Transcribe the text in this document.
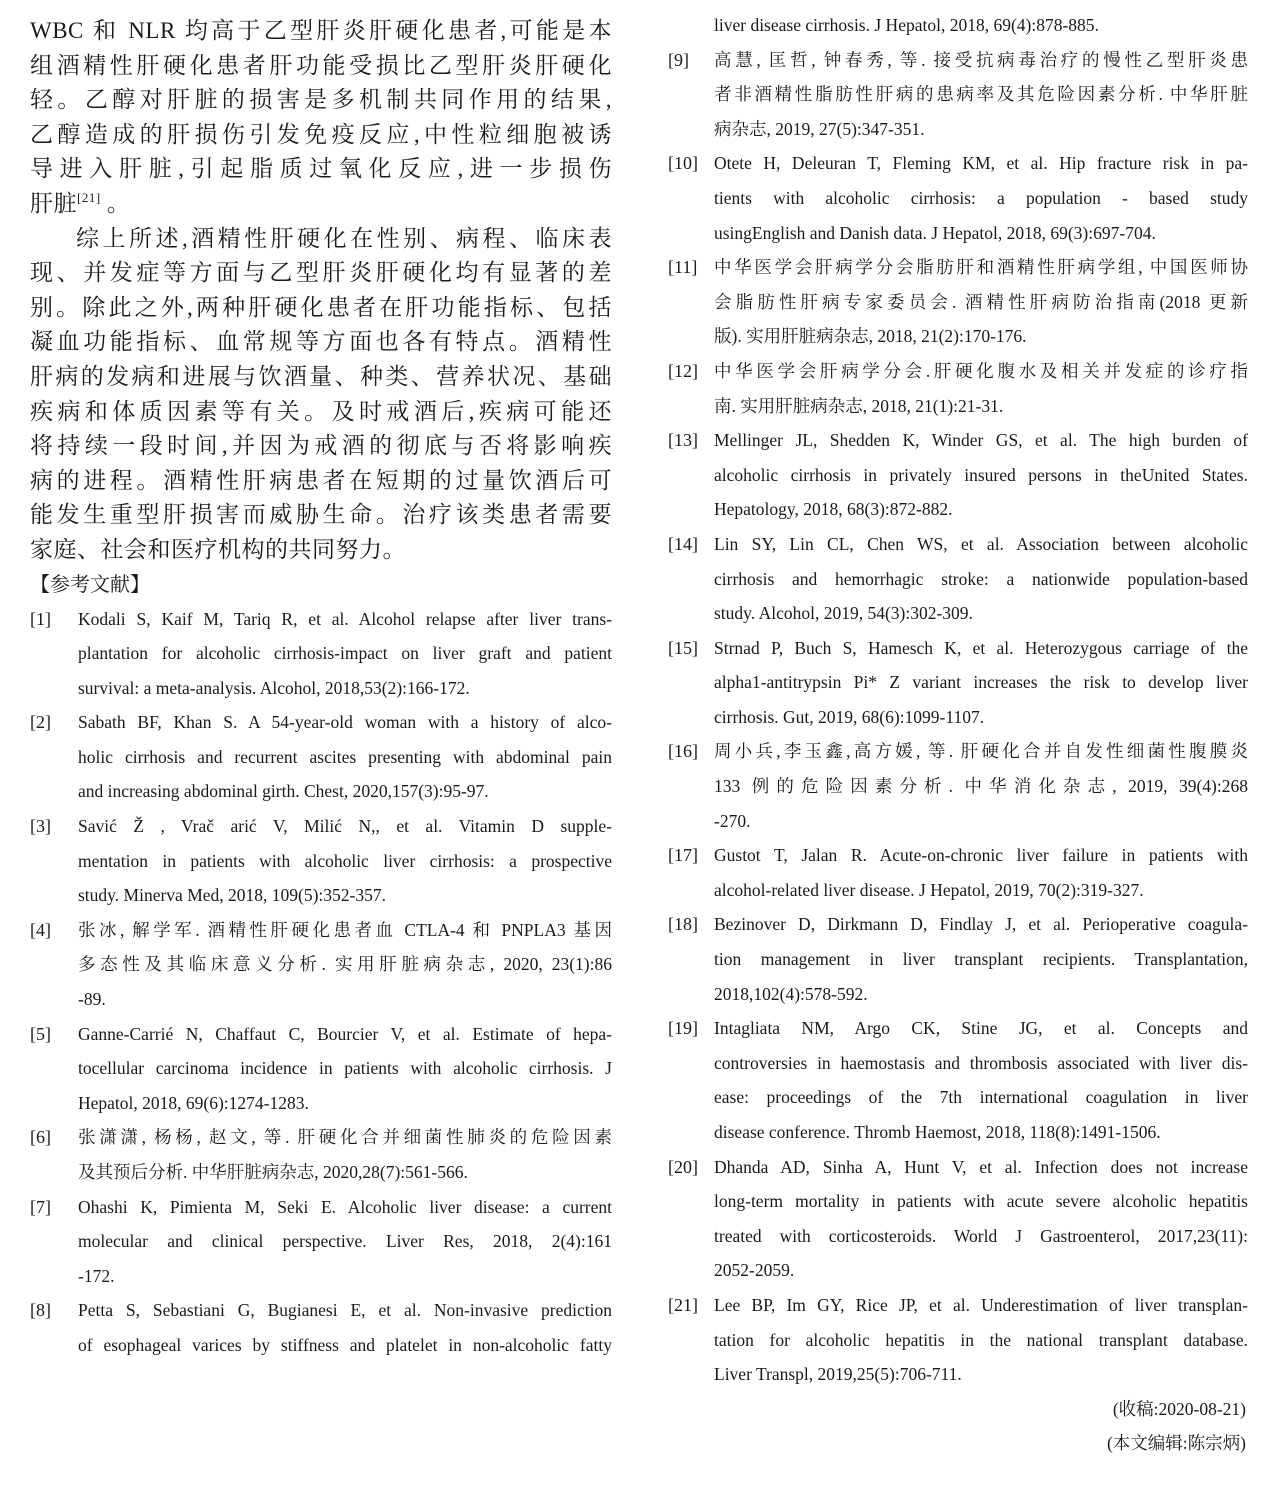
WBC 和 NLR 均高于乙型肝炎肝硬化患者,可能是本
组酒精性肝硬化患者肝功能受损比乙型肝炎肝硬化
轻。乙醇对肝脏的损害是多机制共同作用的结果,
乙醇造成的肝损伤引发免疫反应,中性粒细胞被诱
导进入肝脏,引起脂质过氧化反应,进一步损伤
肝脏[21] 。
综上所述,酒精性肝硬化在性别、病程、临床表
现、并发症等方面与乙型肝炎肝硬化均有显著的差
别。除此之外,两种肝硬化患者在肝功能指标、包括
凝血功能指标、血常规等方面也各有特点。酒精性
肝病的发病和进展与饮酒量、种类、营养状况、基础
疾病和体质因素等有关。及时戒酒后,疾病可能还
将持续一段时间,并因为戒酒的彻底与否将影响疾
病的进程。酒精性肝病患者在短期的过量饮酒后可
能发生重型肝损害而威胁生命。治疗该类患者需要
家庭、社会和医疗机构的共同努力。
【参考文献】
[1] Kodali S, Kaif M, Tariq R, et al. Alcohol relapse after liver trans-
plantation for alcoholic cirrhosis-impact on liver graft and patient
survival: a meta-analysis. Alcohol, 2018,53(2):166-172.
[2] Sabath BF, Khan S. A 54-year-old woman with a history of alco-
holic cirrhosis and recurrent ascites presenting with abdominal pain
and increasing abdominal girth. Chest, 2020,157(3):95-97.
[3] Savić Ž , Vrač arić V, Milić N,, et al. Vitamin D supple-
mentation in patients with alcoholic liver cirrhosis: a prospective
study. Minerva Med, 2018, 109(5):352-357.
[4] 张冰, 解学军. 酒精性肝硬化患者血 CTLA-4 和 PNPLA3 基因
多态性及其临床意义分析. 实用肝脏病杂志, 2020, 23(1):86
-89.
[5] Ganne-Carrié N, Chaffaut C, Bourcier V, et al. Estimate of hepa-
tocellular carcinoma incidence in patients with alcoholic cirrhosis. J
Hepatol, 2018, 69(6):1274-1283.
[6] 张潇潇, 杨杨, 赵文, 等. 肝硬化合并细菌性肺炎的危险因素
及其预后分析. 中华肝脏病杂志, 2020,28(7):561-566.
[7] Ohashi K, Pimienta M, Seki E. Alcoholic liver disease: a current
molecular and clinical perspective. Liver Res, 2018, 2(4):161
-172.
[8] Petta S, Sebastiani G, Bugianesi E, et al. Non-invasive prediction
of esophageal varices by stiffness and platelet in non-alcoholic fatty
liver disease cirrhosis. J Hepatol, 2018, 69(4):878-885.
[9] 高慧, 匡哲, 钟春秀, 等. 接受抗病毒治疗的慢性乙型肝炎患
者非酒精性脂肪性肝病的患病率及其危险因素分析. 中华肝脏
病杂志, 2019, 27(5):347-351.
[10] Otete H, Deleuran T, Fleming KM, et al. Hip fracture risk in pa-
tients with alcoholic cirrhosis: a population - based study
usingEnglish and Danish data. J Hepatol, 2018, 69(3):697-704.
[11] 中华医学会肝病学分会脂肪肝和酒精性肝病学组, 中国医师协
会脂肪性肝病专家委员会. 酒精性肝病防治指南(2018 更新
版). 实用肝脏病杂志, 2018, 21(2):170-176.
[12] 中华医学会肝病学分会.肝硬化腹水及相关并发症的诊疗指
南. 实用肝脏病杂志, 2018, 21(1):21-31.
[13] Mellinger JL, Shedden K, Winder GS, et al. The high burden of
alcoholic cirrhosis in privately insured persons in theUnited States.
Hepatology, 2018, 68(3):872-882.
[14] Lin SY, Lin CL, Chen WS, et al. Association between alcoholic
cirrhosis and hemorrhagic stroke: a nationwide population-based
study. Alcohol, 2019, 54(3):302-309.
[15] Strnad P, Buch S, Hamesch K, et al. Heterozygous carriage of the
alpha1-antitrypsin Pi* Z variant increases the risk to develop liver
cirrhosis. Gut, 2019, 68(6):1099-1107.
[16] 周小兵,李玉鑫,高方媛, 等. 肝硬化合并自发性细菌性腹膜炎
133 例的危险因素分析. 中华消化杂志, 2019, 39(4):268
-270.
[17] Gustot T, Jalan R. Acute-on-chronic liver failure in patients with
alcohol-related liver disease. J Hepatol, 2019, 70(2):319-327.
[18] Bezinover D, Dirkmann D, Findlay J, et al. Perioperative coagula-
tion management in liver transplant recipients. Transplantation,
2018,102(4):578-592.
[19] Intagliata NM, Argo CK, Stine JG, et al. Concepts and
controversies in haemostasis and thrombosis associated with liver dis-
ease: proceedings of the 7th international coagulation in liver
disease conference. Thromb Haemost, 2018, 118(8):1491-1506.
[20] Dhanda AD, Sinha A, Hunt V, et al. Infection does not increase
long-term mortality in patients with acute severe alcoholic hepatitis
treated with corticosteroids. World J Gastroenterol, 2017,23(11):
2052-2059.
[21] Lee BP, Im GY, Rice JP, et al. Underestimation of liver transplan-
tation for alcoholic hepatitis in the national transplant database.
Liver Transpl, 2019,25(5):706-711.
(收稿:2020-08-21)
(本文编辑:陈宗炳)
